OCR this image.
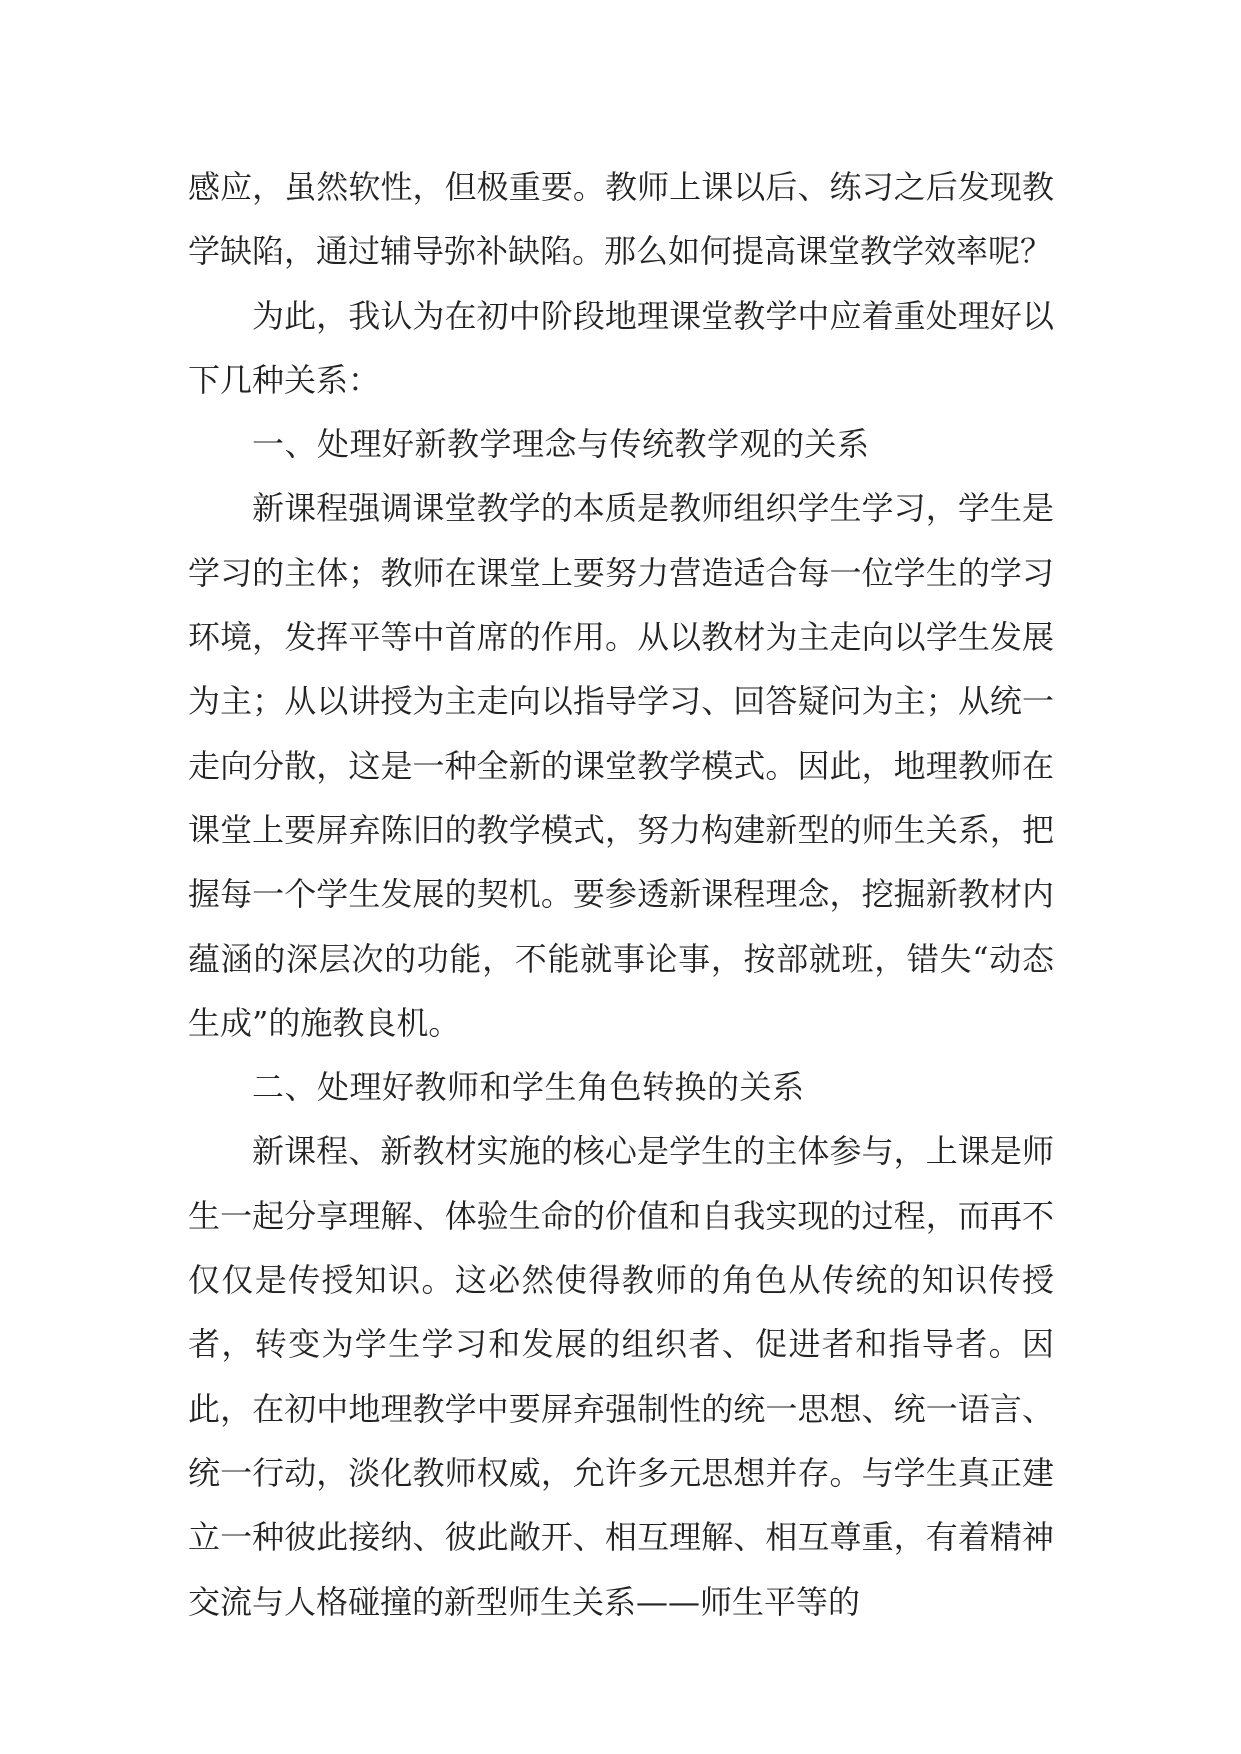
感应，虽然软性，但极重要。教师上课以后、练习之后发现教学缺陷，通过辅导弥补缺陷。那么如何提高课堂教学效率呢？

为此，我认为在初中阶段地理课堂教学中应着重处理好以下几种关系：

一、处理好新教学理念与传统教学观的关系

新课程强调课堂教学的本质是教师组织学生学习，学生是学习的主体；教师在课堂上要努力营造适合每一位学生的学习环境，发挥平等中首席的作用。从以教材为主走向以学生发展为主；从以讲授为主走向以指导学习、回答疑问为主；从统一走向分散，这是一种全新的课堂教学模式。因此，地理教师在课堂上要屏弃陈旧的教学模式，努力构建新型的师生关系，把握每一个学生发展的契机。要参透新课程理念，挖掘新教材内蕴涵的深层次的功能，不能就事论事，按部就班，错失“动态生成”的施教良机。

二、处理好教师和学生角色转换的关系

新课程、新教材实施的核心是学生的主体参与，上课是师生一起分享理解、体验生命的价值和自我实现的过程，而再不仅仅是传授知识。这必然使得教师的角色从传统的知识传授者，转变为学生学习和发展的组织者、促进者和指导者。因此，在初中地理教学中要屏弃强制性的统一思想、统一语言、统一行动，淡化教师权威，允许多元思想并存。与学生真正建立一种彼此接纳、彼此敞开、相互理解、相互尊重，有着精神交流与人格碰撞的新型师生关系——师生平等的
